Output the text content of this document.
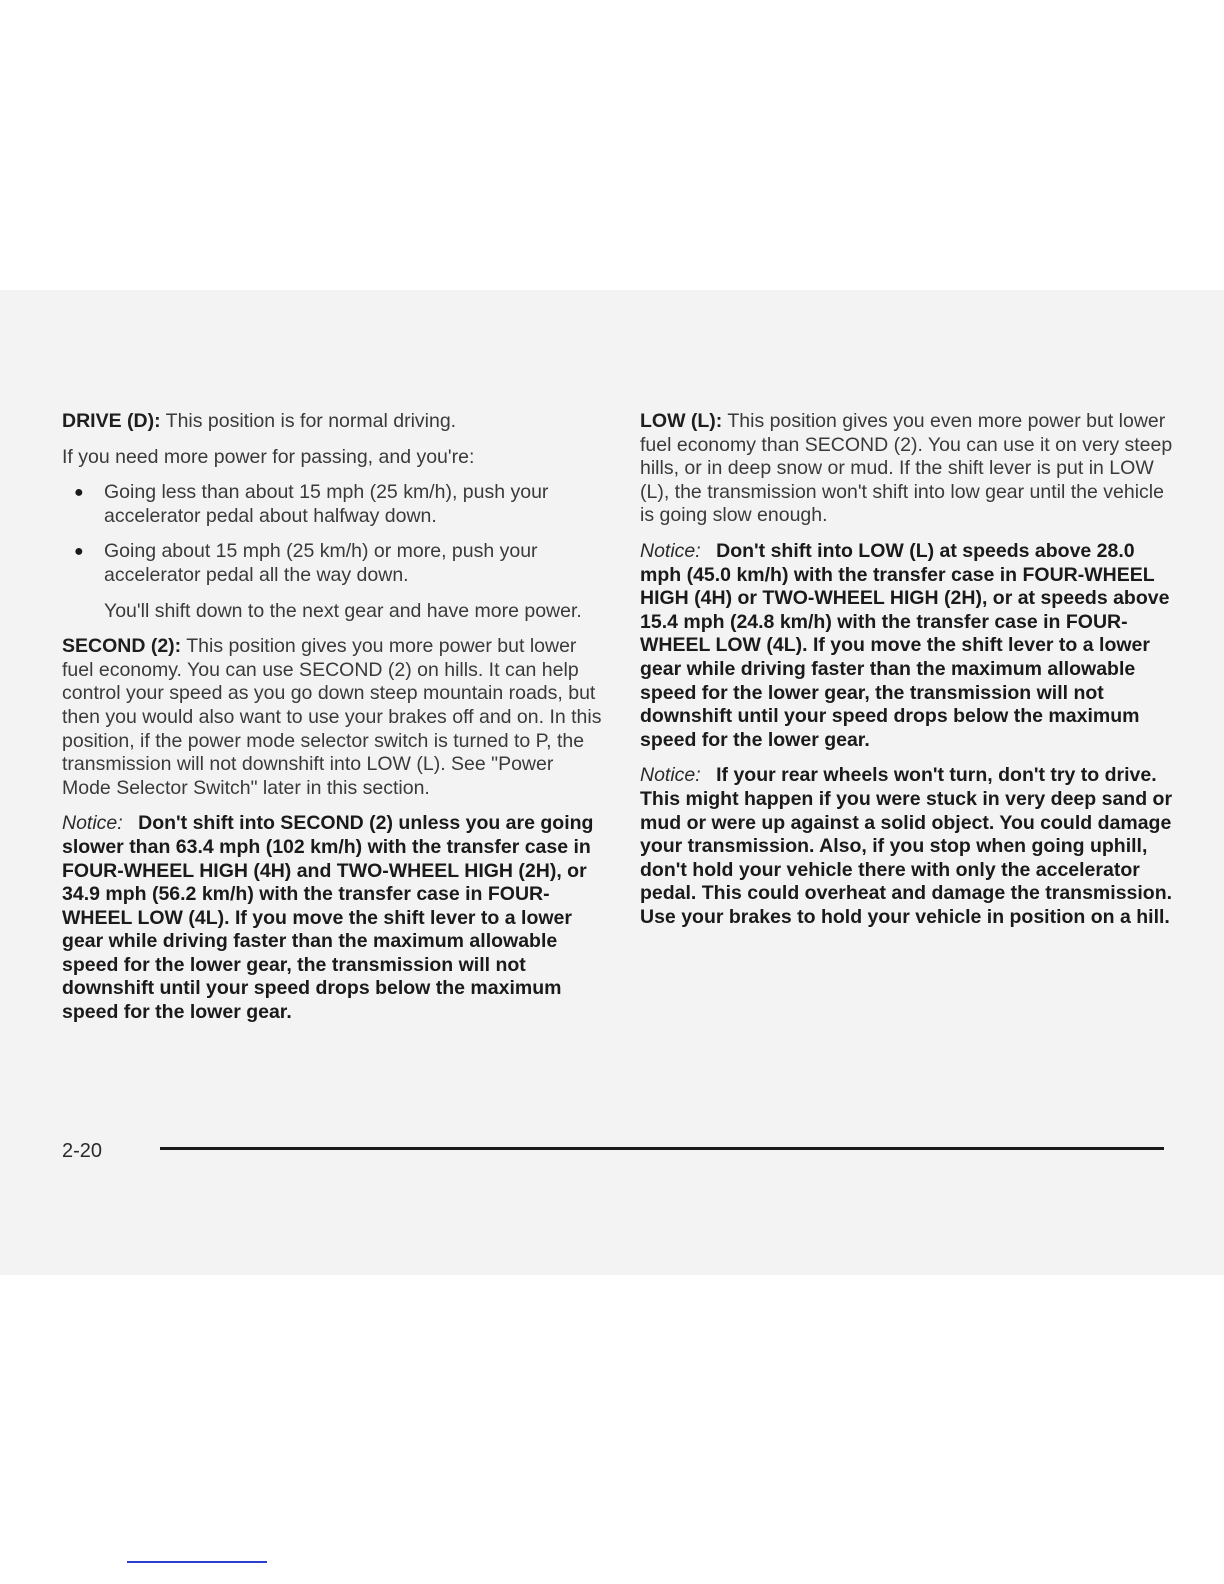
DRIVE (D): This position is for normal driving.

If you need more power for passing, and you're:

● Going less than about 15 mph (25 km/h), push your accelerator pedal about halfway down.
● Going about 15 mph (25 km/h) or more, push your accelerator pedal all the way down.

You'll shift down to the next gear and have more power.

SECOND (2): This position gives you more power but lower fuel economy. You can use SECOND (2) on hills. It can help control your speed as you go down steep mountain roads, but then you would also want to use your brakes off and on. In this position, if the power mode selector switch is turned to P, the transmission will not downshift into LOW (L). See "Power Mode Selector Switch" later in this section.

Notice: Don't shift into SECOND (2) unless you are going slower than 63.4 mph (102 km/h) with the transfer case in FOUR-WHEEL HIGH (4H) and TWO-WHEEL HIGH (2H), or 34.9 mph (56.2 km/h) with the transfer case in FOUR-WHEEL LOW (4L). If you move the shift lever to a lower gear while driving faster than the maximum allowable speed for the lower gear, the transmission will not downshift until your speed drops below the maximum speed for the lower gear.

LOW (L): This position gives you even more power but lower fuel economy than SECOND (2). You can use it on very steep hills, or in deep snow or mud. If the shift lever is put in LOW (L), the transmission won't shift into low gear until the vehicle is going slow enough.

Notice: Don't shift into LOW (L) at speeds above 28.0 mph (45.0 km/h) with the transfer case in FOUR-WHEEL HIGH (4H) or TWO-WHEEL HIGH (2H), or at speeds above 15.4 mph (24.8 km/h) with the transfer case in FOUR-WHEEL LOW (4L). If you move the shift lever to a lower gear while driving faster than the maximum allowable speed for the lower gear, the transmission will not downshift until your speed drops below the maximum speed for the lower gear.

Notice: If your rear wheels won't turn, don't try to drive. This might happen if you were stuck in very deep sand or mud or were up against a solid object. You could damage your transmission. Also, if you stop when going uphill, don't hold your vehicle there with only the accelerator pedal. This could overheat and damage the transmission. Use your brakes to hold your vehicle in position on a hill.

2-20
